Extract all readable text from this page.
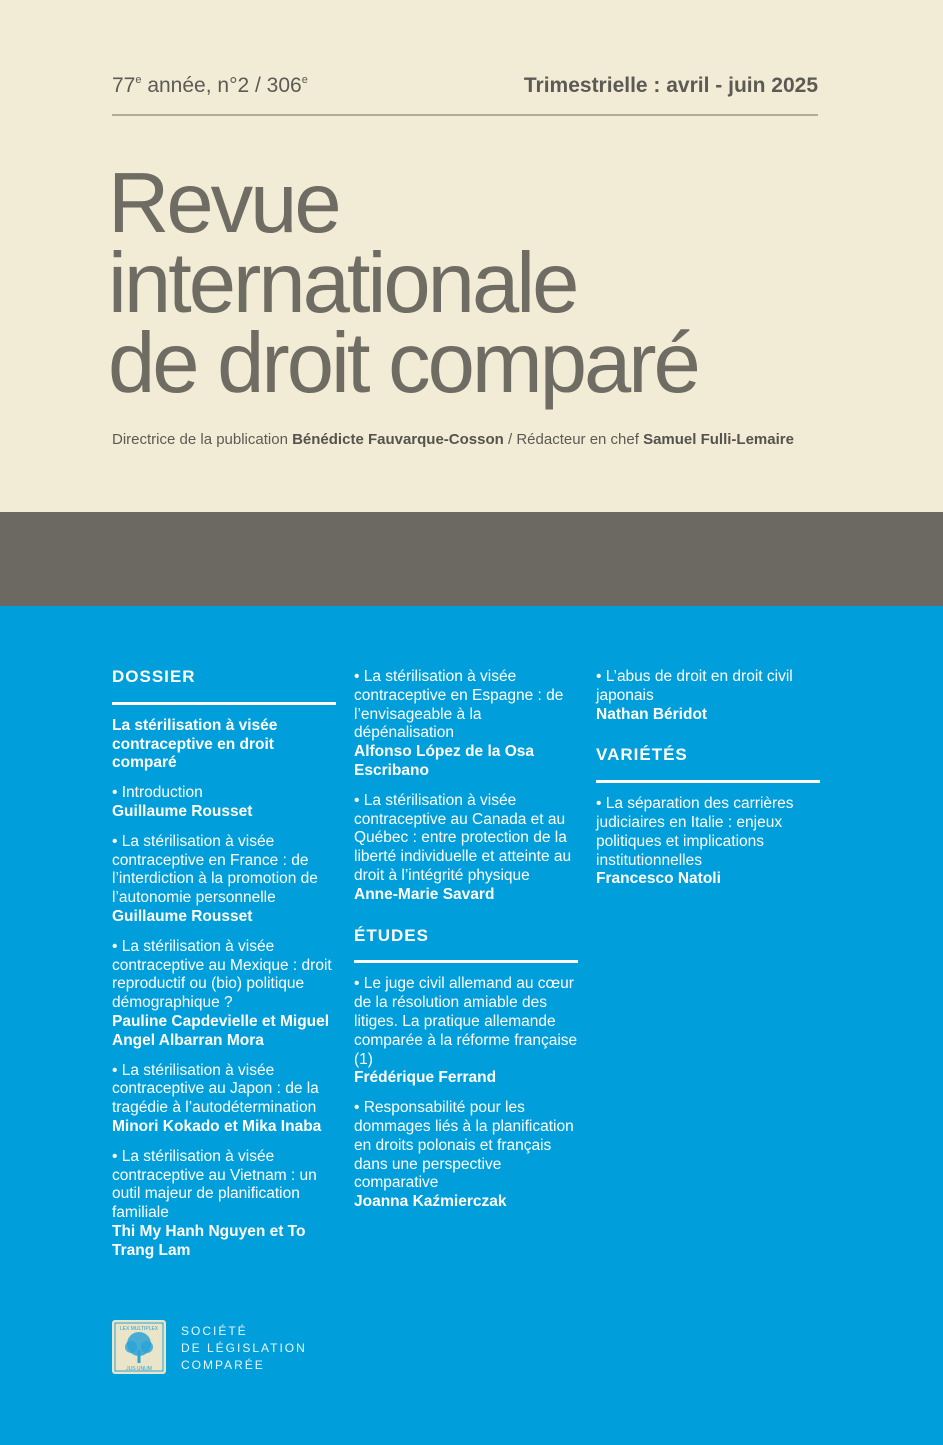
77e année, n°2 / 306e	Trimestrielle : avril - juin 2025
Revue
internationale
de droit comparé
Directrice de la publication Bénédicte Fauvarque-Cosson / Rédacteur en chef Samuel Fulli-Lemaire
DOSSIER
La stérilisation à visée contraceptive en droit comparé
• Introduction
Guillaume Rousset
• La stérilisation à visée contraceptive en France : de l’interdiction à la promotion de l’autonomie personnelle
Guillaume Rousset
• La stérilisation à visée contraceptive au Mexique : droit reproductif ou (bio) politique démographique ?
Pauline Capdevielle et Miguel Angel Albarran Mora
• La stérilisation à visée contraceptive au Japon : de la tragédie à l’autodétermination
Minori Kokado et Mika Inaba
• La stérilisation à visée contraceptive au Vietnam : un outil majeur de planification familiale
Thi My Hanh Nguyen et To Trang Lam
• La stérilisation à visée contraceptive en Espagne : de l’envisageable à la dépénalisation
Alfonso López de la Osa Escribano
• La stérilisation à visée contraceptive au Canada et au Québec : entre protection de la liberté individuelle et atteinte au droit à l’intégrité physique
Anne-Marie Savard
ÉTUDES
• Le juge civil allemand au cœur de la résolution amiable des litiges. La pratique allemande comparée à la réforme française (1)
Frédérique Ferrand
• Responsabilité pour les dommages liés à la planification en droits polonais et français dans une perspective comparative
Joanna Kaźmierczak
• L’abus de droit en droit civil japonais
Nathan Béridot
VARIÉTÉS
• La séparation des carrières judiciaires en Italie : enjeux politiques et implications institutionnelles
Francesco Natoli
LEX MULTIPLEX
JUS UNUM
SOCIÉTÉ
DE LÉGISLATION
COMPARÉE
